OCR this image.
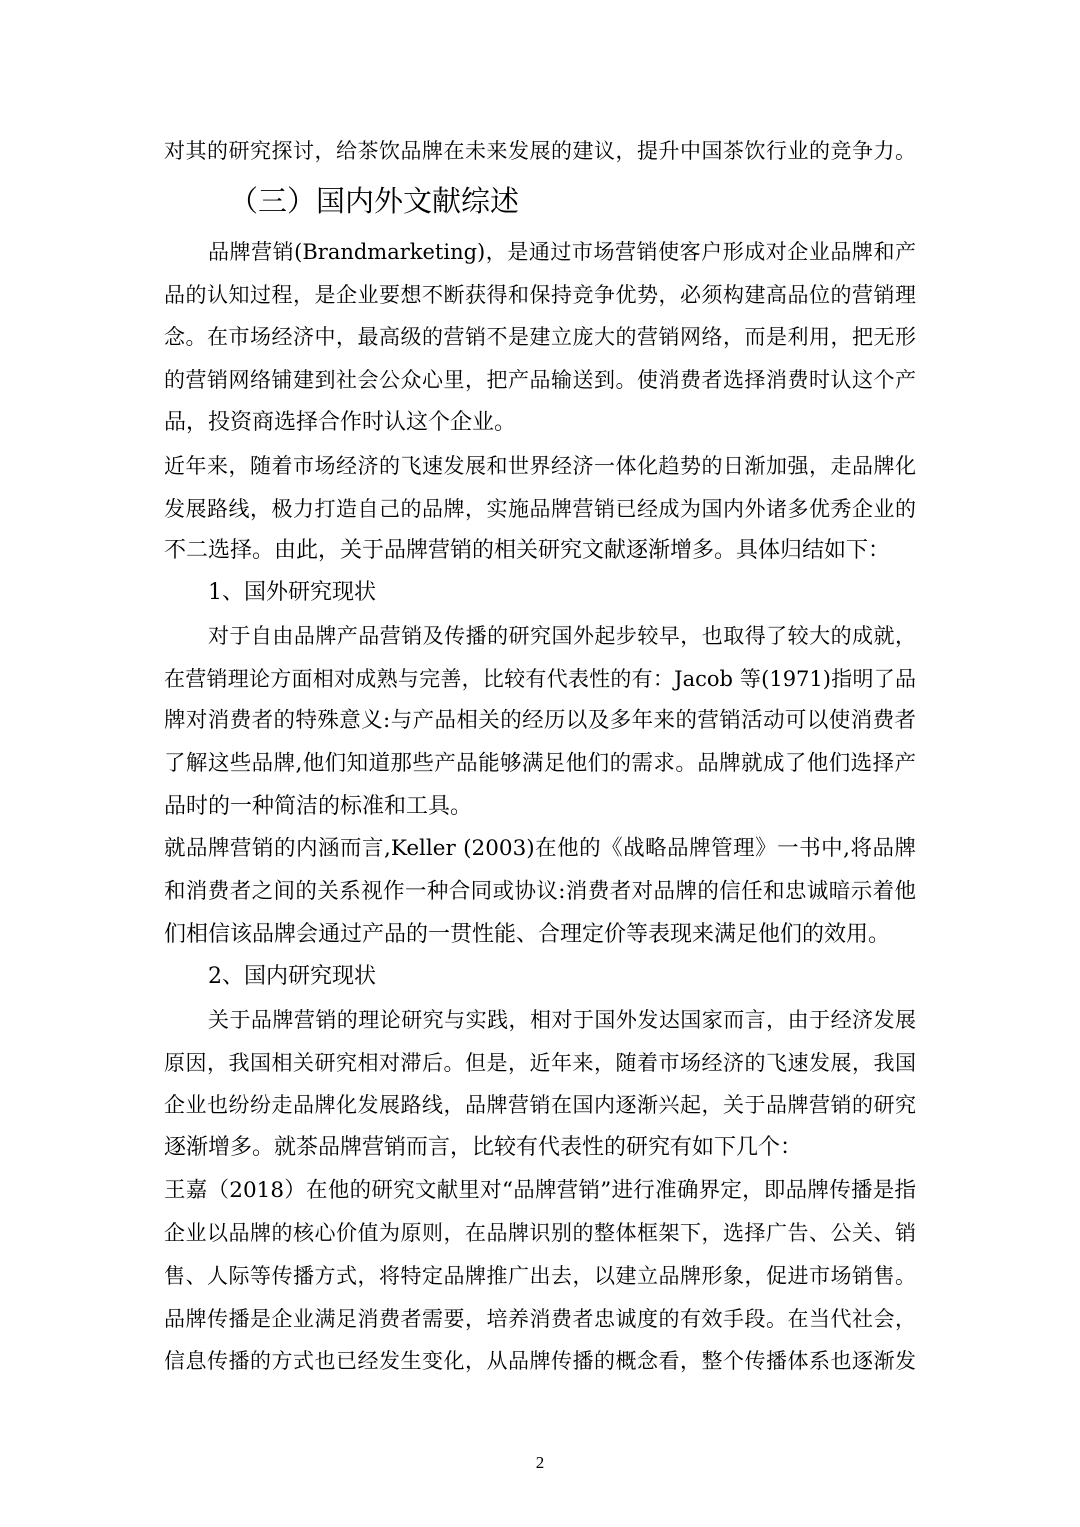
对其的研究探讨，给茶饮品牌在未来发展的建议，提升中国茶饮行业的竞争力。
（三）国内外文献综述
品牌营销(Brandmarketing)，是通过市场营销使客户形成对企业品牌和产
品的认知过程，是企业要想不断获得和保持竞争优势，必须构建高品位的营销理
念。在市场经济中，最高级的营销不是建立庞大的营销网络，而是利用，把无形
的营销网络铺建到社会公众心里，把产品输送到。使消费者选择消费时认这个产
品，投资商选择合作时认这个企业。
近年来，随着市场经济的飞速发展和世界经济一体化趋势的日渐加强，走品牌化
发展路线，极力打造自己的品牌，实施品牌营销已经成为国内外诸多优秀企业的
不二选择。由此，关于品牌营销的相关研究文献逐渐增多。具体归结如下：
1、国外研究现状
对于自由品牌产品营销及传播的研究国外起步较早，也取得了较大的成就，
在营销理论方面相对成熟与完善，比较有代表性的有：Jacob 等(1971)指明了品
牌对消费者的特殊意义:与产品相关的经历以及多年来的营销活动可以使消费者
了解这些品牌,他们知道那些产品能够满足他们的需求。品牌就成了他们选择产
品时的一种简洁的标准和工具。
就品牌营销的内涵而言,Keller (2003)在他的《战略品牌管理》一书中,将品牌
和消费者之间的关系视作一种合同或协议:消费者对品牌的信任和忠诚暗示着他
们相信该品牌会通过产品的一贯性能、合理定价等表现来满足他们的效用。
2、国内研究现状
关于品牌营销的理论研究与实践，相对于国外发达国家而言，由于经济发展
原因，我国相关研究相对滞后。但是，近年来，随着市场经济的飞速发展，我国
企业也纷纷走品牌化发展路线，品牌营销在国内逐渐兴起，关于品牌营销的研究
逐渐增多。就茶品牌营销而言，比较有代表性的研究有如下几个：
王嘉（2018）在他的研究文献里对“品牌营销”进行准确界定，即品牌传播是指
企业以品牌的核心价值为原则，在品牌识别的整体框架下，选择广告、公关、销
售、人际等传播方式，将特定品牌推广出去，以建立品牌形象，促进市场销售。
品牌传播是企业满足消费者需要，培养消费者忠诚度的有效手段。在当代社会，
信息传播的方式也已经发生变化，从品牌传播的概念看，整个传播体系也逐渐发
2
